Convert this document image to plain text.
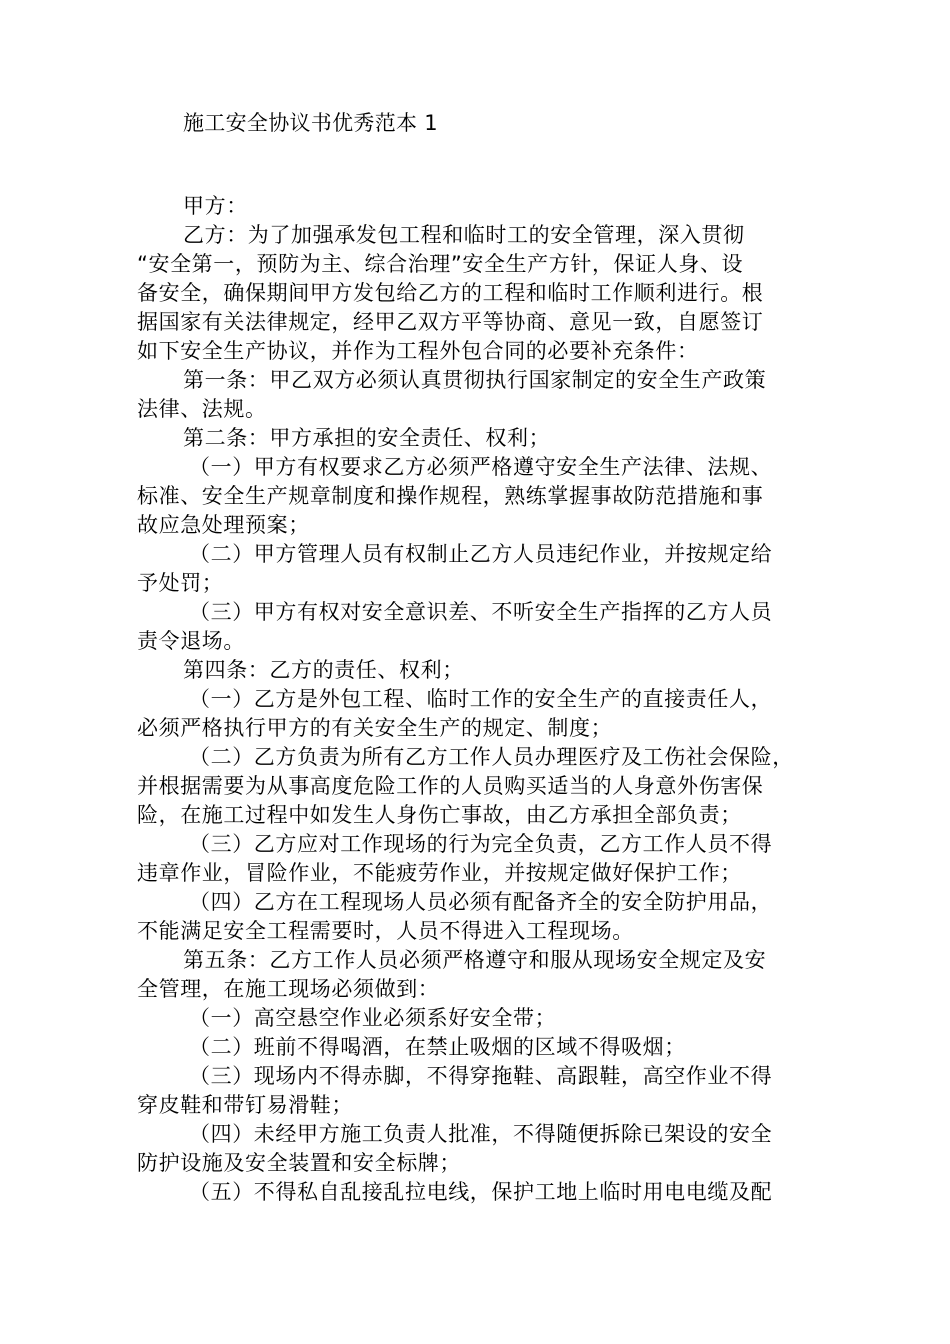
施工安全协议书优秀范本 1
甲方：
乙方：为了加强承发包工程和临时工的安全管理，深入贯彻
“安全第一，预防为主、综合治理”安全生产方针，保证人身、设
备安全，确保期间甲方发包给乙方的工程和临时工作顺利进行。根
据国家有关法律规定，经甲乙双方平等协商、意见一致，自愿签订
如下安全生产协议，并作为工程外包合同的必要补充条件：
第一条：甲乙双方必须认真贯彻执行国家制定的安全生产政策
法律、法规。
第二条：甲方承担的安全责任、权利；
（一）甲方有权要求乙方必须严格遵守安全生产法律、法规、
标准、安全生产规章制度和操作规程，熟练掌握事故防范措施和事
故应急处理预案；
（二）甲方管理人员有权制止乙方人员违纪作业，并按规定给
予处罚；
（三）甲方有权对安全意识差、不听安全生产指挥的乙方人员
责令退场。
第四条：乙方的责任、权利；
（一）乙方是外包工程、临时工作的安全生产的直接责任人，
必须严格执行甲方的有关安全生产的规定、制度；
（二）乙方负责为所有乙方工作人员办理医疗及工伤社会保险，
并根据需要为从事高度危险工作的人员购买适当的人身意外伤害保
险，在施工过程中如发生人身伤亡事故，由乙方承担全部负责；
（三）乙方应对工作现场的行为完全负责，乙方工作人员不得
违章作业，冒险作业，不能疲劳作业，并按规定做好保护工作；
（四）乙方在工程现场人员必须有配备齐全的安全防护用品，
不能满足安全工程需要时，人员不得进入工程现场。
第五条：乙方工作人员必须严格遵守和服从现场安全规定及安
全管理，在施工现场必须做到：
（一）高空悬空作业必须系好安全带；
（二）班前不得喝酒，在禁止吸烟的区域不得吸烟；
（三）现场内不得赤脚，不得穿拖鞋、高跟鞋，高空作业不得
穿皮鞋和带钉易滑鞋；
（四）未经甲方施工负责人批准，不得随便拆除已架设的安全
防护设施及安全装置和安全标牌；
（五）不得私自乱接乱拉电线，保护工地上临时用电电缆及配
